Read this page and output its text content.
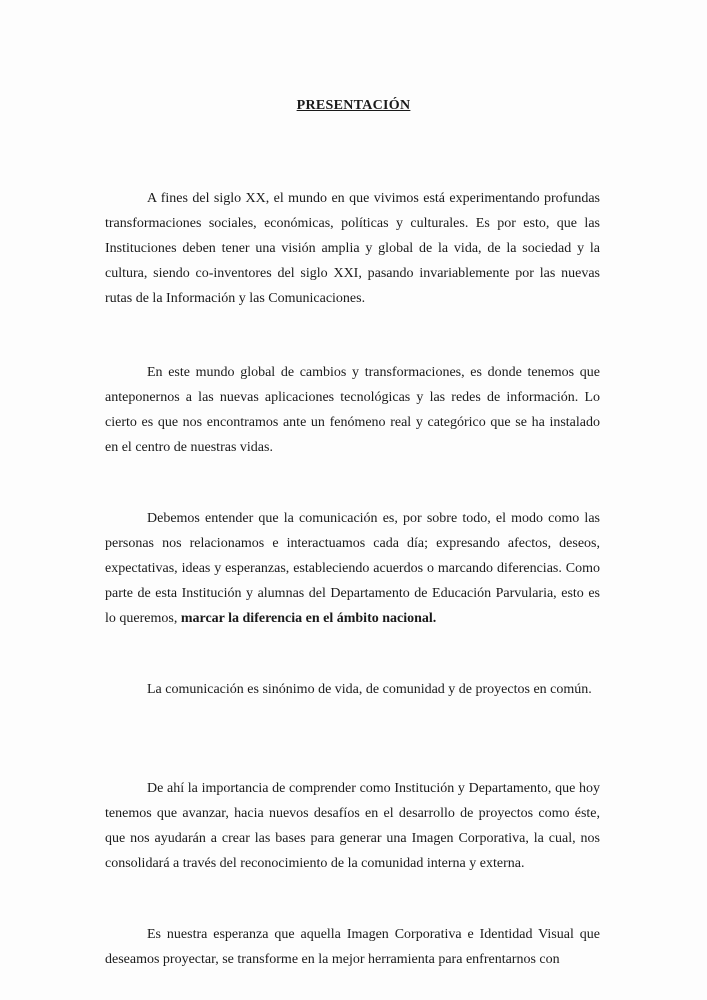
PRESENTACIÓN

A fines del siglo XX, el mundo en que vivimos está experimentando profundas transformaciones sociales, económicas, políticas y culturales. Es por esto, que las Instituciones deben tener una visión amplia y global de la vida, de la sociedad y la cultura, siendo co-inventores del siglo XXI, pasando invariablemente por las nuevas rutas de la Información y las Comunicaciones.

En este mundo global de cambios y transformaciones, es donde tenemos que anteponernos a las nuevas aplicaciones tecnológicas y las redes de información. Lo cierto es que nos encontramos ante un fenómeno real y categórico que se ha instalado en el centro de nuestras vidas.

Debemos entender que la comunicación es, por sobre todo, el modo como las personas nos relacionamos e interactuamos cada día; expresando afectos, deseos, expectativas, ideas y esperanzas, estableciendo acuerdos o marcando diferencias. Como parte de esta Institución y alumnas del Departamento de Educación Parvularia, esto es lo queremos, marcar la diferencia en el ámbito nacional.

La comunicación es sinónimo de vida, de comunidad y de proyectos en común.

De ahí la importancia de comprender como Institución y Departamento, que hoy tenemos que avanzar, hacia nuevos desafíos en el desarrollo de proyectos como éste, que nos ayudarán a crear las bases para generar una Imagen Corporativa, la cual, nos consolidará a través del reconocimiento de la comunidad interna y externa.

Es nuestra esperanza que aquella Imagen Corporativa e Identidad Visual que deseamos proyectar, se transforme en la mejor herramienta para enfrentarnos con
